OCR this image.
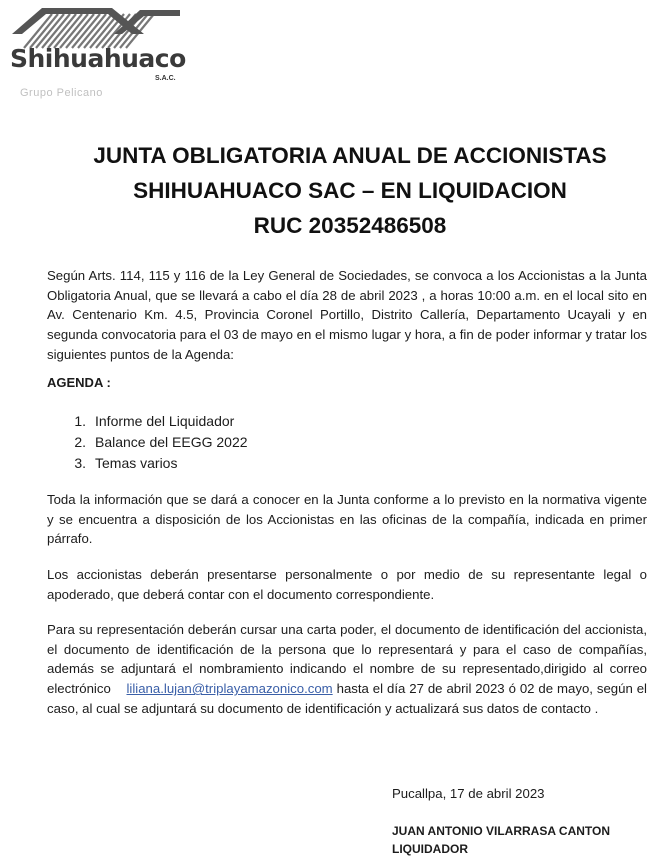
Shihuahuaco
S.A.C.
Grupo Pelicano
JUNTA OBLIGATORIA ANUAL DE ACCIONISTAS
SHIHUAHUACO SAC – EN LIQUIDACION
RUC 20352486508
Según Arts. 114, 115 y 116 de la Ley General de Sociedades, se convoca a los Accionistas a la Junta Obligatoria Anual, que se llevará a cabo el día 28 de abril 2023 , a horas 10:00 a.m. en el local sito en Av. Centenario Km. 4.5, Provincia Coronel Portillo, Distrito Callería, Departamento Ucayali y en segunda convocatoria para el 03 de mayo en el mismo lugar y hora, a fin de poder informar y tratar los siguientes puntos de la Agenda:
AGENDA :
1. Informe del Liquidador
2. Balance del EEGG 2022
3. Temas varios
Toda la información que se dará a conocer en la Junta conforme a lo previsto en la normativa vigente y se encuentra a disposición de los Accionistas en las oficinas de la compañía, indicada en primer párrafo.
Los accionistas deberán presentarse personalmente o por medio de su representante legal o apoderado, que deberá contar con el documento correspondiente.
Para su representación deberán cursar una carta poder, el documento de identificación del accionista, el documento de identificación de la persona que lo representará y para el caso de compañías, además se adjuntará el nombramiento indicando el nombre de su representado,dirigido al correo electrónico liliana.lujan@triplayamazonico.com hasta el día 27 de abril 2023 ó 02 de mayo, según el caso, al cual se adjuntará su documento de identificación y actualizará sus datos de contacto .
Pucallpa, 17 de abril 2023
JUAN ANTONIO VILARRASA CANTON
LIQUIDADOR
